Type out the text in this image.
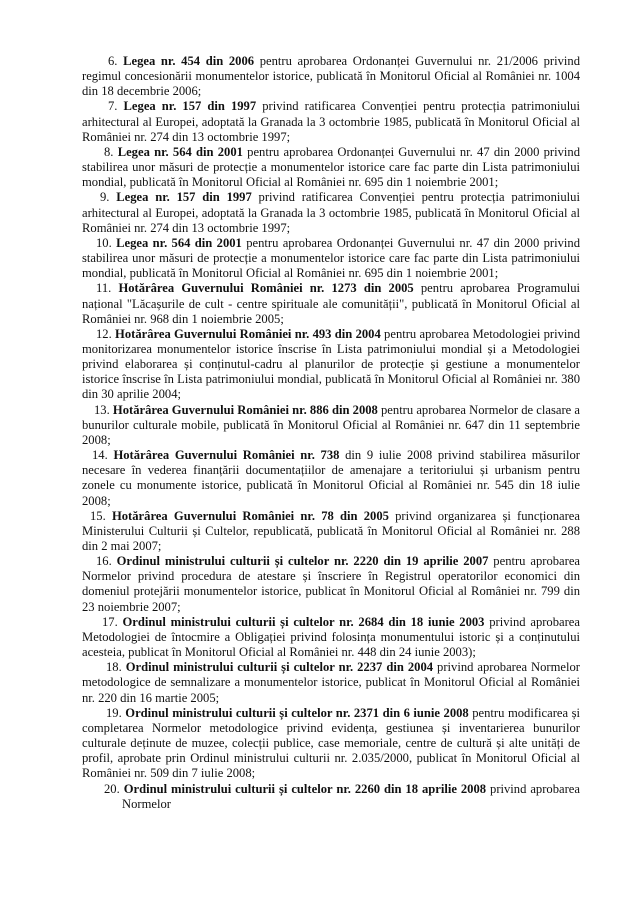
6. Legea nr. 454 din 2006 pentru aprobarea Ordonanței Guvernului nr. 21/2006 privind regimul concesionării monumentelor istorice, publicată în Monitorul Oficial al României nr. 1004 din 18 decembrie 2006;

7. Legea nr. 157 din 1997 privind ratificarea Convenției pentru protecția patrimoniului arhitectural al Europei, adoptată la Granada la 3 octombrie 1985, publicată în Monitorul Oficial al României nr. 274 din 13 octombrie 1997;

8. Legea nr. 564 din 2001 pentru aprobarea Ordonanței Guvernului nr. 47 din 2000 privind stabilirea unor măsuri de protecție a monumentelor istorice care fac parte din Lista patrimoniului mondial, publicată în Monitorul Oficial al României nr. 695 din 1 noiembrie 2001;

9. Legea nr. 157 din 1997 privind ratificarea Convenției pentru protecția patrimoniului arhitectural al Europei, adoptată la Granada la 3 octombrie 1985, publicată în Monitorul Oficial al României nr. 274 din 13 octombrie 1997;

10. Legea nr. 564 din 2001 pentru aprobarea Ordonanței Guvernului nr. 47 din 2000 privind stabilirea unor măsuri de protecție a monumentelor istorice care fac parte din Lista patrimoniului mondial, publicată în Monitorul Oficial al României nr. 695 din 1 noiembrie 2001;

11. Hotărârea Guvernului României nr. 1273 din 2005 pentru aprobarea Programului național "Lăcașurile de cult - centre spirituale ale comunității", publicată în Monitorul Oficial al României nr. 968 din 1 noiembrie 2005;

12. Hotărârea Guvernului României nr. 493 din 2004 pentru aprobarea Metodologiei privind monitorizarea monumentelor istorice înscrise în Lista patrimoniului mondial și a Metodologiei privind elaborarea și conținutul-cadru al planurilor de protecție și gestiune a monumentelor istorice înscrise în Lista patrimoniului mondial, publicată în Monitorul Oficial al României nr. 380 din 30 aprilie 2004;

13. Hotărârea Guvernului României nr. 886 din 2008 pentru aprobarea Normelor de clasare a bunurilor culturale mobile, publicată în Monitorul Oficial al României nr. 647 din 11 septembrie 2008;

14. Hotărârea Guvernului României nr. 738 din 9 iulie 2008 privind stabilirea măsurilor necesare în vederea finanțării documentațiilor de amenajare a teritoriului și urbanism pentru zonele cu monumente istorice, publicată în Monitorul Oficial al României nr. 545 din 18 iulie 2008;

15. Hotărârea Guvernului României nr. 78 din 2005 privind organizarea și funcționarea Ministerului Culturii și Cultelor, republicată, publicată în Monitorul Oficial al României nr. 288 din 2 mai 2007;

16. Ordinul ministrului culturii și cultelor nr. 2220 din 19 aprilie 2007 pentru aprobarea Normelor privind procedura de atestare și înscriere în Registrul operatorilor economici din domeniul protejării monumentelor istorice, publicat în Monitorul Oficial al României nr. 799 din 23 noiembrie 2007;

17. Ordinul ministrului culturii și cultelor nr. 2684 din 18 iunie 2003 privind aprobarea Metodologiei de întocmire a Obligației privind folosința monumentului istoric și a conținutului acesteia, publicat în Monitorul Oficial al României nr. 448 din 24 iunie 2003);

18. Ordinul ministrului culturii și cultelor nr. 2237 din 2004 privind aprobarea Normelor metodologice de semnalizare a monumentelor istorice, publicat în Monitorul Oficial al României nr. 220 din 16 martie 2005;

19. Ordinul ministrului culturii și cultelor nr. 2371 din 6 iunie 2008 pentru modificarea și completarea Normelor metodologice privind evidența, gestiunea și inventarierea bunurilor culturale deținute de muzee, colecții publice, case memoriale, centre de cultură și alte unități de profil, aprobate prin Ordinul ministrului culturii nr. 2.035/2000, publicat în Monitorul Oficial al României nr. 509 din 7 iulie 2008;

20. Ordinul ministrului culturii și cultelor nr. 2260 din 18 aprilie 2008 privind aprobarea Normelor
